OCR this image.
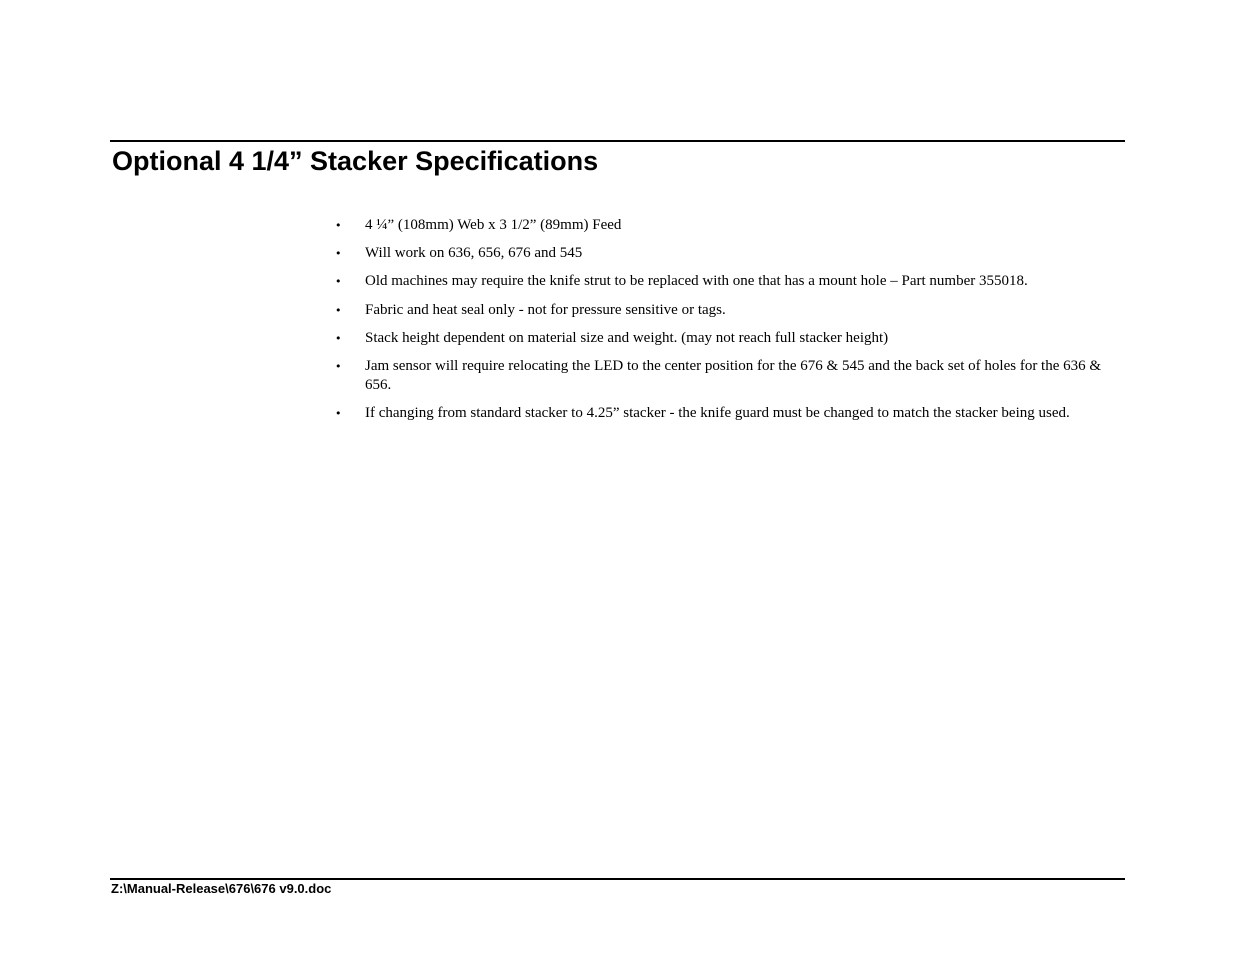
Optional 4 1/4” Stacker Specifications
• 4 ¼” (108mm) Web x 3 1/2” (89mm) Feed
• Will work on 636, 656, 676 and 545
• Old machines may require the knife strut to be replaced with one that has a mount hole – Part number 355018.
• Fabric and heat seal only - not for pressure sensitive or tags.
• Stack height dependent on material size and weight. (may not reach full stacker height)
• Jam sensor will require relocating the LED to the center position for the 676 & 545 and the back set of holes for the 636 & 656.
• If changing from standard stacker to 4.25” stacker - the knife guard must be changed to match the stacker being used.

Z:\Manual-Release\676\676 v9.0.doc
